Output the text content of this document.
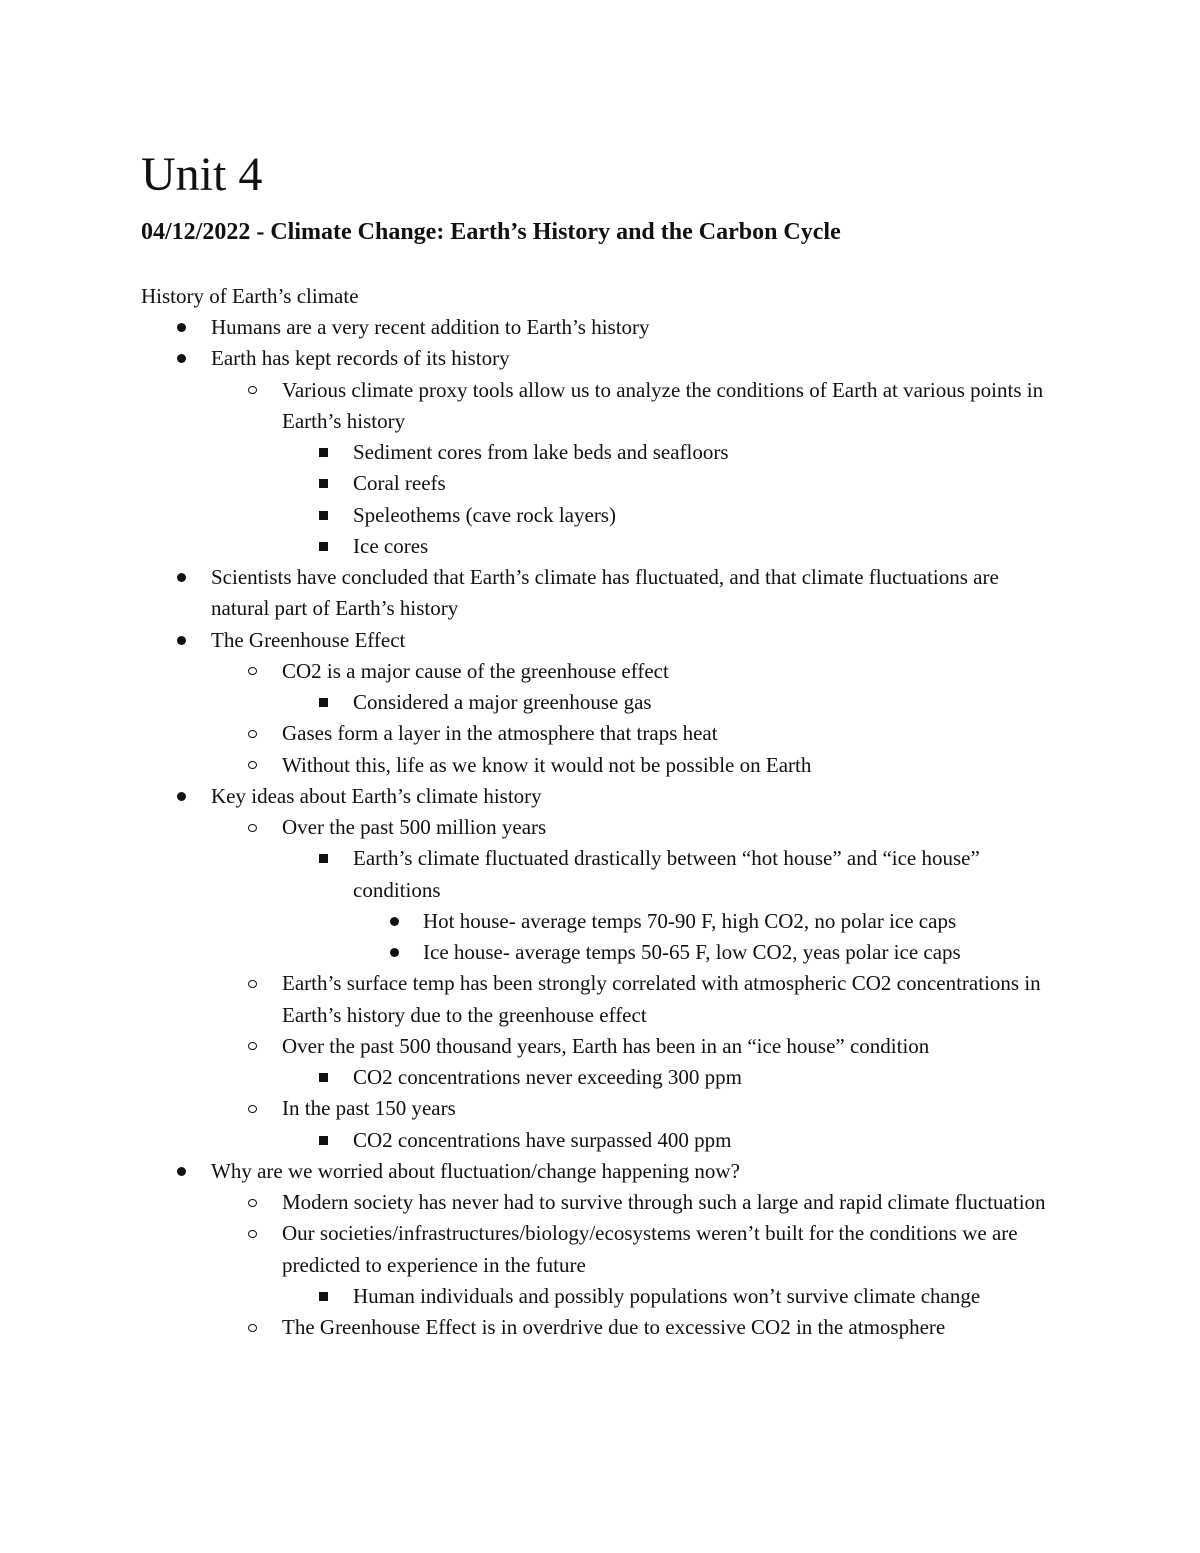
Unit 4
04/12/2022 - Climate Change: Earth’s History and the Carbon Cycle
History of Earth’s climate
Humans are a very recent addition to Earth’s history
Earth has kept records of its history
Various climate proxy tools allow us to analyze the conditions of Earth at various points in Earth’s history
Sediment cores from lake beds and seafloors
Coral reefs
Speleothems (cave rock layers)
Ice cores
Scientists have concluded that Earth’s climate has fluctuated, and that climate fluctuations are natural part of Earth’s history
The Greenhouse Effect
CO2 is a major cause of the greenhouse effect
Considered a major greenhouse gas
Gases form a layer in the atmosphere that traps heat
Without this, life as we know it would not be possible on Earth
Key ideas about Earth’s climate history
Over the past 500 million years
Earth’s climate fluctuated drastically between “hot house” and “ice house” conditions
Hot house- average temps 70-90 F, high CO2, no polar ice caps
Ice house- average temps 50-65 F, low CO2, yeas polar ice caps
Earth’s surface temp has been strongly correlated with atmospheric CO2 concentrations in Earth’s history due to the greenhouse effect
Over the past 500 thousand years, Earth has been in an “ice house” condition
CO2 concentrations never exceeding 300 ppm
In the past 150 years
CO2 concentrations have surpassed 400 ppm
Why are we worried about fluctuation/change happening now?
Modern society has never had to survive through such a large and rapid climate fluctuation
Our societies/infrastructures/biology/ecosystems weren’t built for the conditions we are predicted to experience in the future
Human individuals and possibly populations won’t survive climate change
The Greenhouse Effect is in overdrive due to excessive CO2 in the atmosphere
